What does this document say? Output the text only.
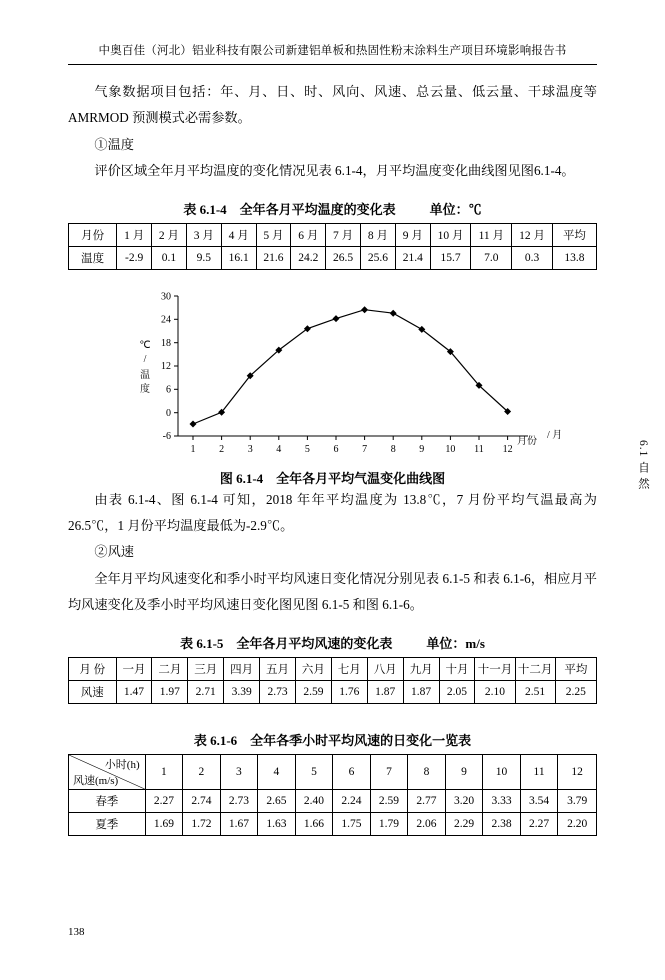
中奥百佳（河北）铝业科技有限公司新建铝单板和热固性粉末涂料生产项目环境影响报告书

气象数据项目包括：年、月、日、时、风向、风速、总云量、低云量、干球温度等AMRMOD 预测模式必需参数。

①温度

评价区域全年月平均温度的变化情况见表 6.1-4，月平均温度变化曲线图见图6.1-4。

表 6.1-4　全年各月平均温度的变化表	单位：℃
月份	1 月	2 月	3 月	4 月	5 月	6 月	7 月	8 月	9 月	10 月	11 月	12 月	平均
温度	-2.9	0.1	9.5	16.1	21.6	24.2	26.5	25.6	21.4	15.7	7.0	0.3	13.8
-6
0
6
12
18
24
30
1 2 3 4 5 6 7 8 9 10 11 12
℃
/
温
度
月份
/ 月
图 6.1-4　全年各月平均气温变化曲线图

由表 6.1-4、图 6.1-4 可知，2018 年年平均温度为 13.8℃，7 月份平均气温最高为 26.5℃，1 月份平均温度最低为-2.9℃。

②风速

全年月平均风速变化和季小时平均风速日变化情况分别见表 6.1-5 和表 6.1-6，相应月平均风速变化及季小时平均风速日变化图见图 6.1-5 和图 6.1-6。

表 6.1-5　全年各月平均风速的变化表	单位：m/s
月 份	一月	二月	三月	四月	五月	六月	七月	八月	九月	十月	十一月	十二月	平均
风速	1.47	1.97	2.71	3.39	2.73	2.59	1.76	1.87	1.87	2.05	2.10	2.51	2.25
表 6.1-6　全年各季小时平均风速的日变化一览表
小时(h)
风速(m/s)	1	2	3	4	5	6	7	8	9	10	11	12
春季	2.27	2.74	2.73	2.65	2.40	2.24	2.59	2.77	3.20	3.33	3.54	3.79
夏季	1.69	1.72	1.67	1.63	1.66	1.75	1.79	2.06	2.29	2.38	2.27	2.20
138
6.1 自 然
